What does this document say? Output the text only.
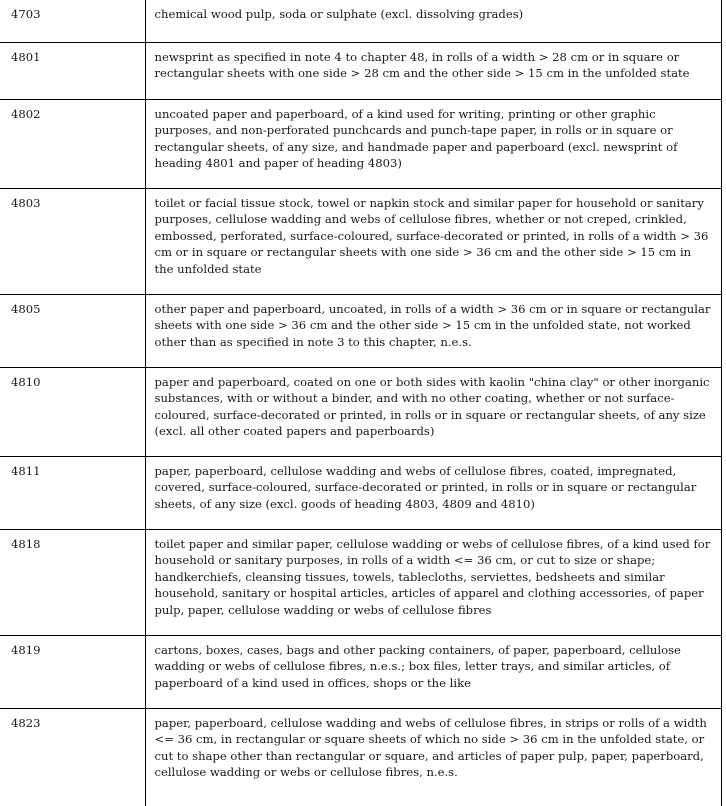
4703	chemical wood pulp, soda or sulphate (excl. dissolving grades)
4801	newsprint as specified in note 4 to chapter 48, in rolls of a width > 28 cm or in square or rectangular sheets with one side > 28 cm and the other side > 15 cm in the unfolded state
4802	uncoated paper and paperboard, of a kind used for writing, printing or other graphic purposes, and non-perforated punchcards and punch-tape paper, in rolls or in square or rectangular sheets, of any size, and handmade paper and paperboard (excl. newsprint of heading 4801 and paper of heading 4803)
4803	toilet or facial tissue stock, towel or napkin stock and similar paper for household or sanitary purposes, cellulose wadding and webs of cellulose fibres, whether or not creped, crinkled, embossed, perforated, surface-coloured, surface-decorated or printed, in rolls of a width > 36 cm or in square or rectangular sheets with one side > 36 cm and the other side > 15 cm in the unfolded state
4805	other paper and paperboard, uncoated, in rolls of a width > 36 cm or in square or rectangular sheets with one side > 36 cm and the other side > 15 cm in the unfolded state, not worked other than as specified in note 3 to this chapter, n.e.s.
4810	paper and paperboard, coated on one or both sides with kaolin "china clay" or other inorganic substances, with or without a binder, and with no other coating, whether or not surface-coloured, surface-decorated or printed, in rolls or in square or rectangular sheets, of any size (excl. all other coated papers and paperboards)
4811	paper, paperboard, cellulose wadding and webs of cellulose fibres, coated, impregnated, covered, surface-coloured, surface-decorated or printed, in rolls or in square or rectangular sheets, of any size (excl. goods of heading 4803, 4809 and 4810)
4818	toilet paper and similar paper, cellulose wadding or webs of cellulose fibres, of a kind used for household or sanitary purposes, in rolls of a width <= 36 cm, or cut to size or shape; handkerchiefs, cleansing tissues, towels, tablecloths, serviettes, bedsheets and similar household, sanitary or hospital articles, articles of apparel and clothing accessories, of paper pulp, paper, cellulose wadding or webs of cellulose fibres
4819	cartons, boxes, cases, bags and other packing containers, of paper, paperboard, cellulose wadding or webs of cellulose fibres, n.e.s.; box files, letter trays, and similar articles, of paperboard of a kind used in offices, shops or the like
4823	paper, paperboard, cellulose wadding and webs of cellulose fibres, in strips or rolls of a width <= 36 cm, in rectangular or square sheets of which no side > 36 cm in the unfolded state, or cut to shape other than rectangular or square, and articles of paper pulp, paper, paperboard, cellulose wadding or webs or cellulose fibres, n.e.s.
